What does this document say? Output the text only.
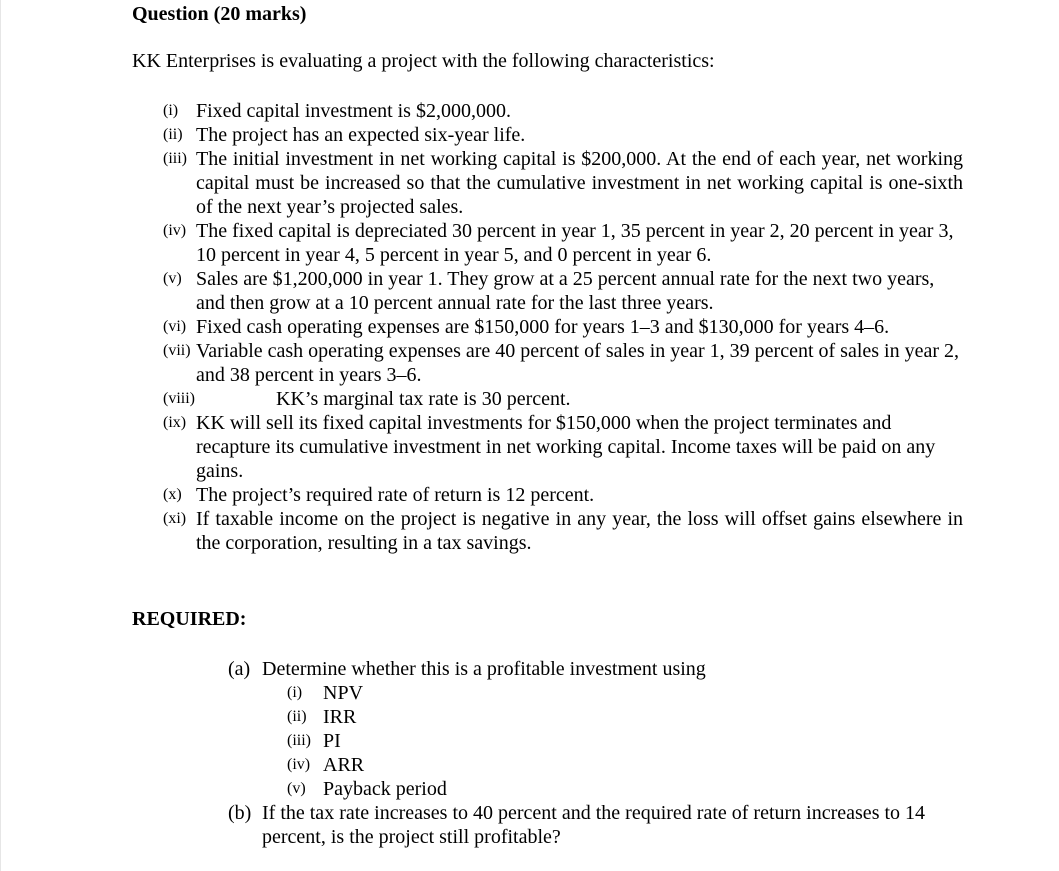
Question (20 marks)
KK Enterprises is evaluating a project with the following characteristics:
(i) Fixed capital investment is $2,000,000.
(ii) The project has an expected six-year life.
(iii) The initial investment in net working capital is $200,000. At the end of each year, net working capital must be increased so that the cumulative investment in net working capital is one-sixth of the next year’s projected sales.
(iv) The fixed capital is depreciated 30 percent in year 1, 35 percent in year 2, 20 percent in year 3, 10 percent in year 4, 5 percent in year 5, and 0 percent in year 6.
(v) Sales are $1,200,000 in year 1. They grow at a 25 percent annual rate for the next two years, and then grow at a 10 percent annual rate for the last three years.
(vi) Fixed cash operating expenses are $150,000 for years 1–3 and $130,000 for years 4–6.
(vii) Variable cash operating expenses are 40 percent of sales in year 1, 39 percent of sales in year 2, and 38 percent in years 3–6.
(viii)	KK’s marginal tax rate is 30 percent.
(ix) KK will sell its fixed capital investments for $150,000 when the project terminates and recapture its cumulative investment in net working capital. Income taxes will be paid on any gains.
(x) The project’s required rate of return is 12 percent.
(xi) If taxable income on the project is negative in any year, the loss will offset gains elsewhere in the corporation, resulting in a tax savings.
REQUIRED:
(a) Determine whether this is a profitable investment using
(i)	NPV
(ii) IRR
(iii) PI
(iv) ARR
(v) Payback period
(b) If the tax rate increases to 40 percent and the required rate of return increases to 14 percent, is the project still profitable?
